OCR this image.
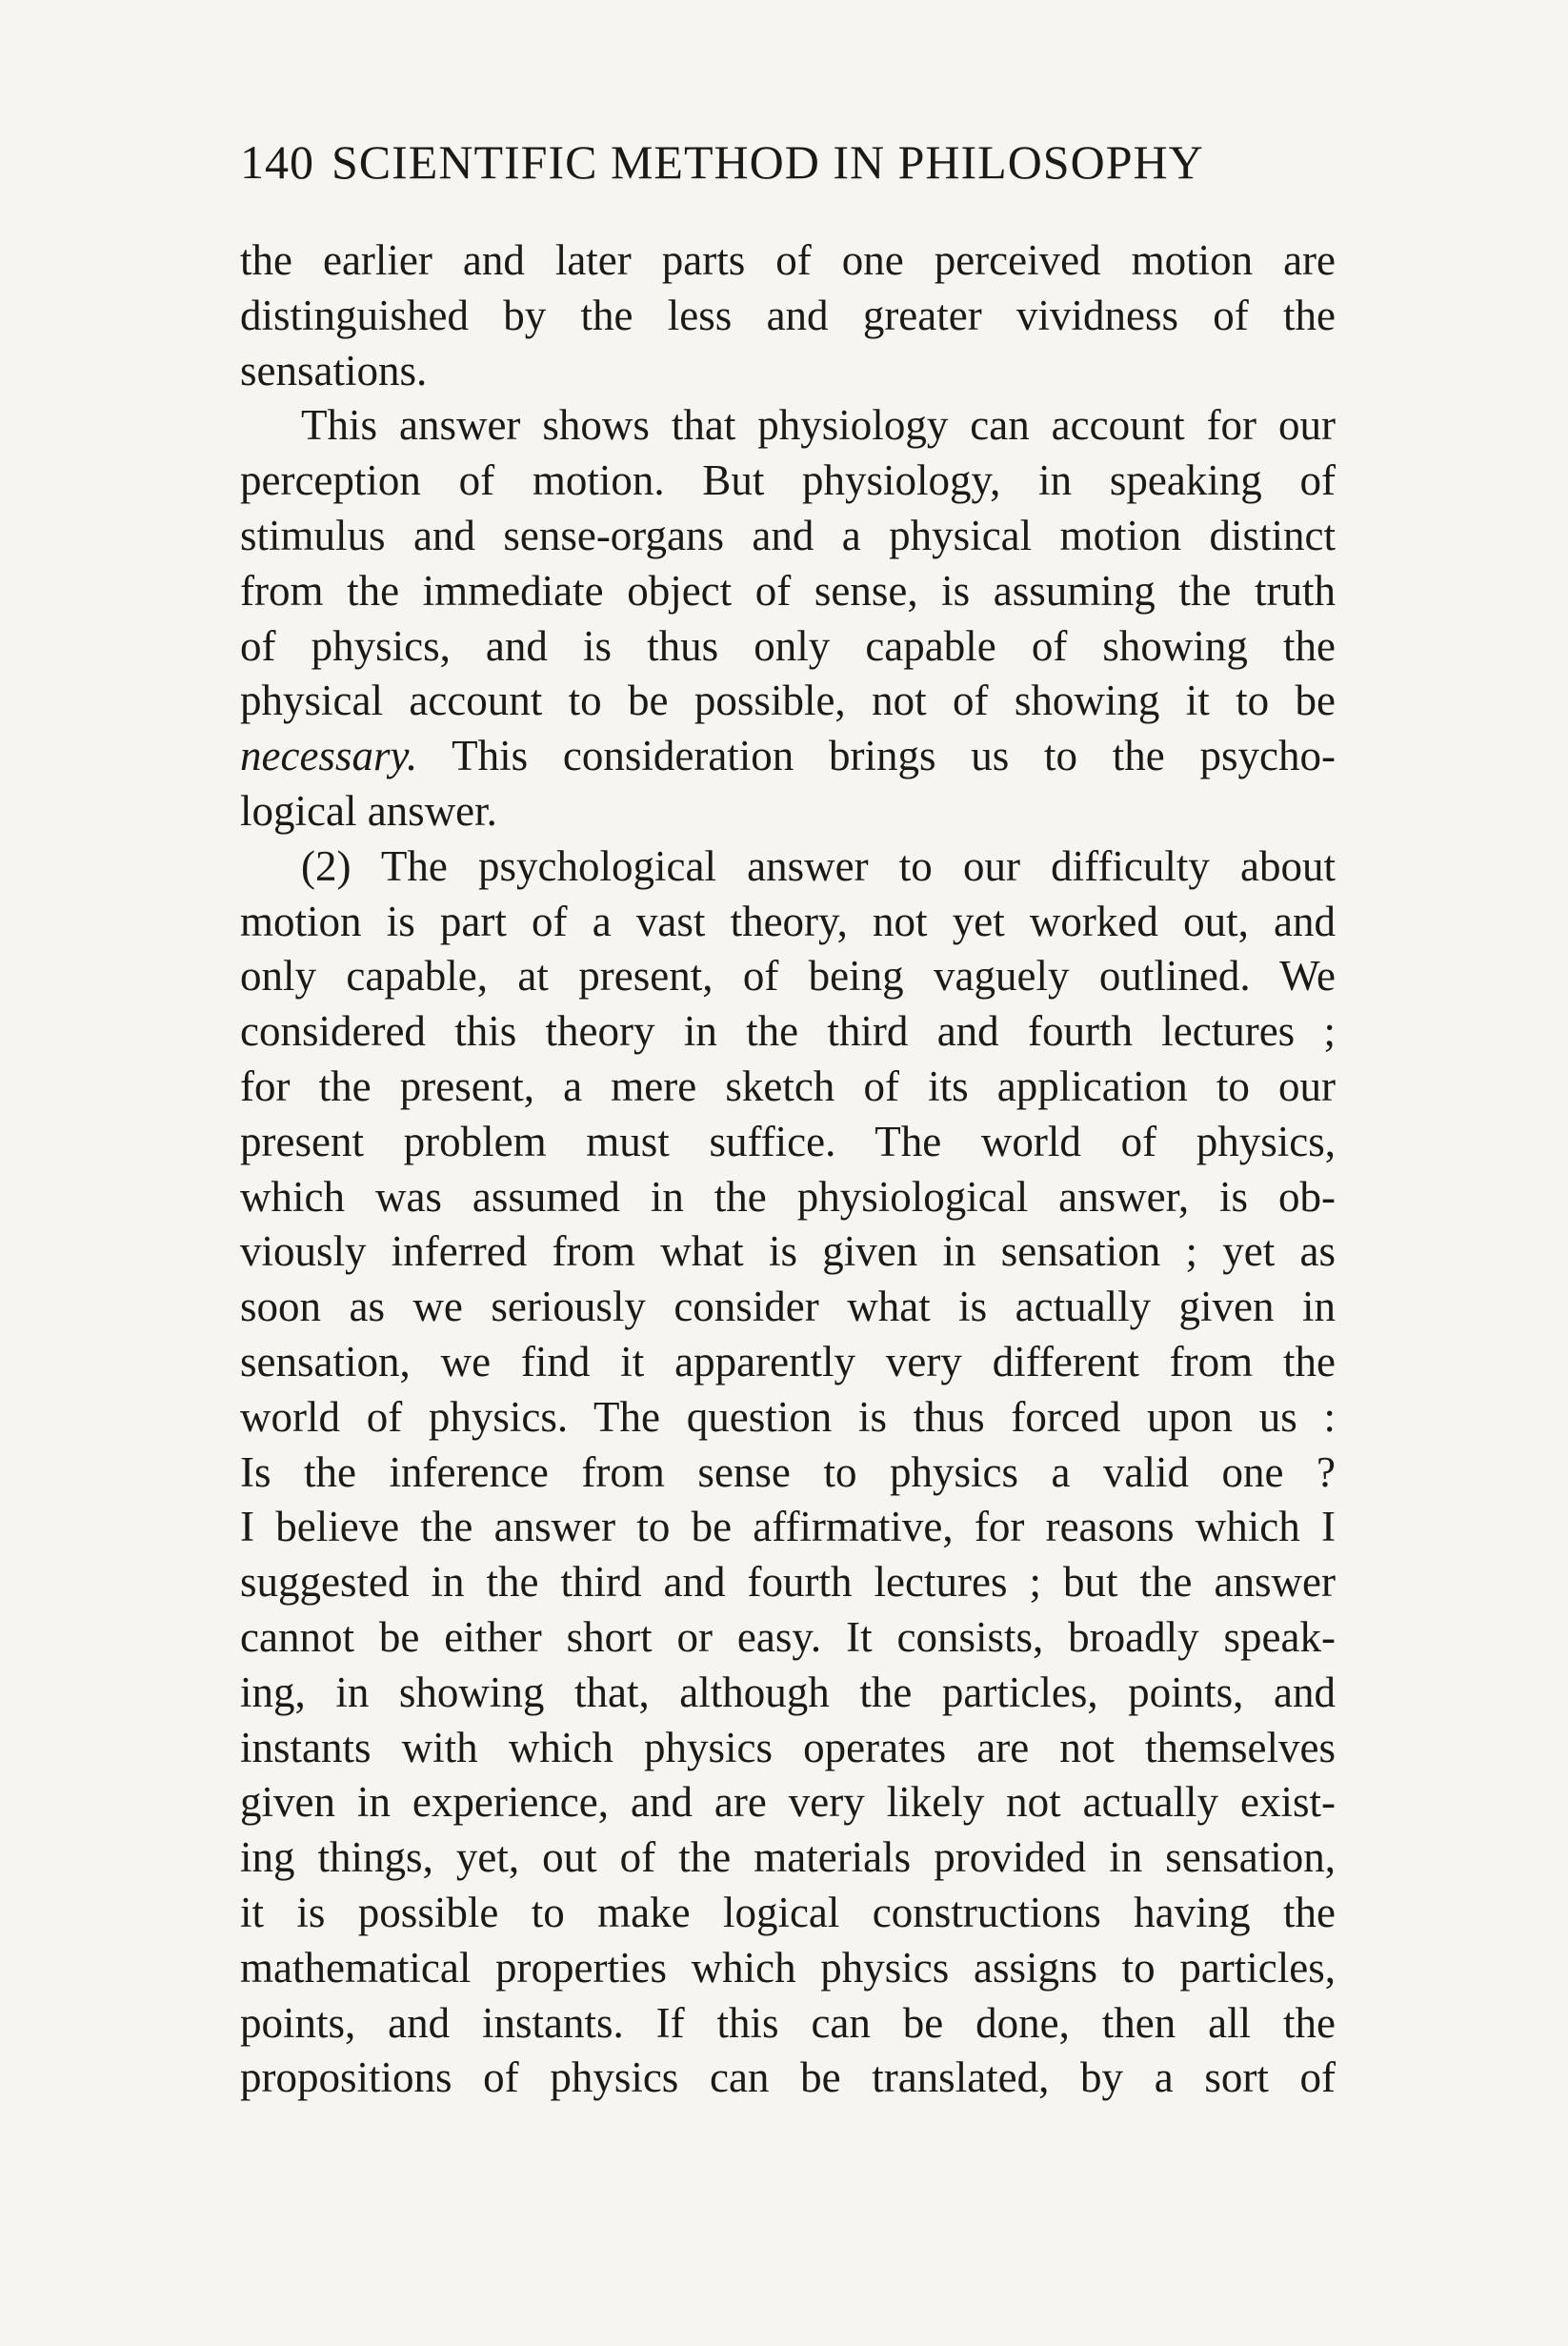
140 SCIENTIFIC METHOD IN PHILOSOPHY
the earlier and later parts of one perceived motion are
distinguished by the less and greater vividness of the
sensations.
This answer shows that physiology can account for our
perception of motion. But physiology, in speaking of
stimulus and sense-organs and a physical motion distinct
from the immediate object of sense, is assuming the truth
of physics, and is thus only capable of showing the
physical account to be possible, not of showing it to be
necessary. This consideration brings us to the psycho-
logical answer.
(2) The psychological answer to our difficulty about
motion is part of a vast theory, not yet worked out, and
only capable, at present, of being vaguely outlined. We
considered this theory in the third and fourth lectures ;
for the present, a mere sketch of its application to our
present problem must suffice. The world of physics,
which was assumed in the physiological answer, is ob-
viously inferred from what is given in sensation ; yet as
soon as we seriously consider what is actually given in
sensation, we find it apparently very different from the
world of physics. The question is thus forced upon us :
Is the inference from sense to physics a valid one ?
I believe the answer to be affirmative, for reasons which I
suggested in the third and fourth lectures ; but the answer
cannot be either short or easy. It consists, broadly speak-
ing, in showing that, although the particles, points, and
instants with which physics operates are not themselves
given in experience, and are very likely not actually exist-
ing things, yet, out of the materials provided in sensation,
it is possible to make logical constructions having the
mathematical properties which physics assigns to particles,
points, and instants. If this can be done, then all the
propositions of physics can be translated, by a sort of
